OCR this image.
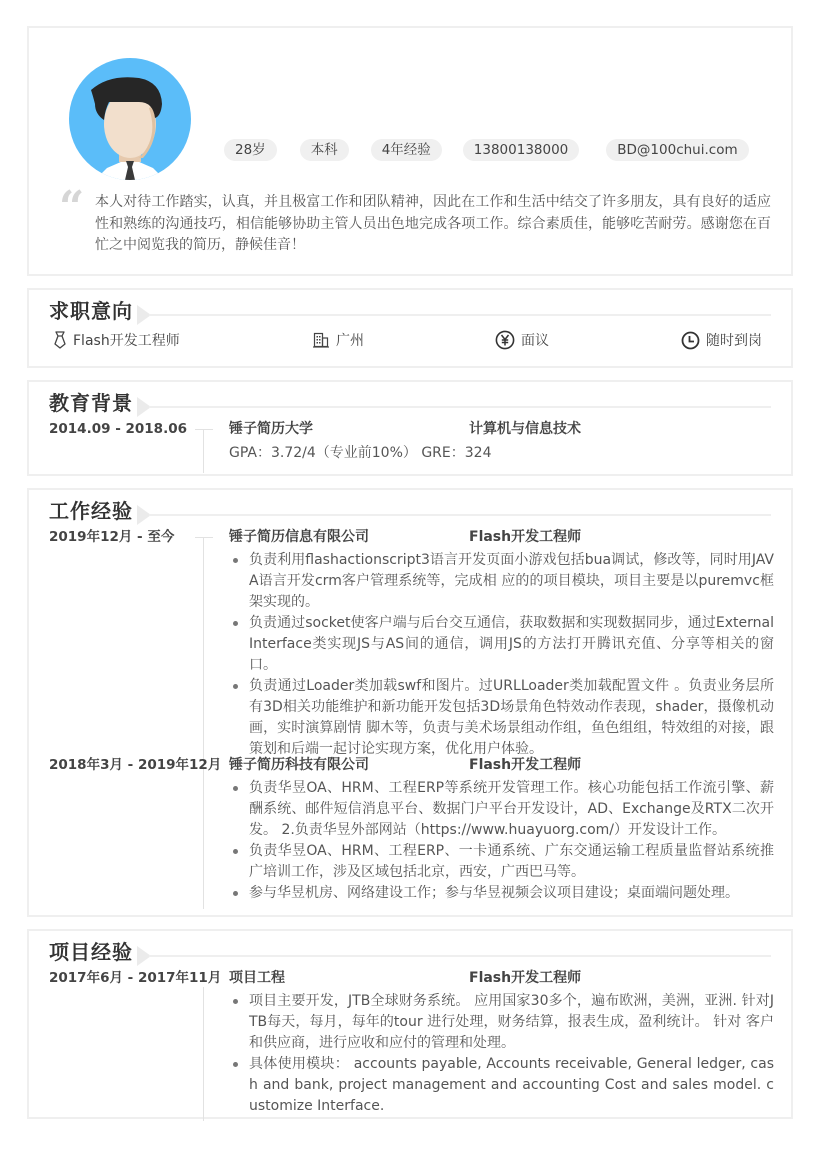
28岁	本科	4年经验	13800138000	BD@100chui.com
“ 本人对待工作踏实，认真，并且极富工作和团队精神，因此在工作和生活中结交了许多朋友，具有良好的适应性和熟练的沟通技巧，相信能够协助主管人员出色地完成各项工作。综合素质佳，能够吃苦耐劳。感谢您在百忙之中阅览我的简历，静候佳音！
求职意向
Flash开发工程师	广州	面议	随时到岗
教育背景
2014.09 - 2018.06	锤子简历大学	计算机与信息技术
GPA：3.72/4（专业前10%） GRE：324
工作经验
2019年12月 - 至今	锤子简历信息有限公司	Flash开发工程师
负责利用flashactionscript3语言开发页面小游戏包括bua调试，修改等，同时用JAVA语言开发crm客户管理系统等，完成相 应的的项目模块，项目主要是以puremvc框架实现的。
负责通过socket使客户端与后台交互通信，获取数据和实现数据同步，通过ExternalInterface类实现JS与AS间的通信，调用JS的方法打开腾讯充值、分享等相关的窗口。
负责通过Loader类加载swf和图片。过URLLoader类加载配置文件 。负责业务层所有3D相关功能维护和新功能开发包括3D场景角色特效动作表现，shader，摄像机动画，实时演算剧情 脚木等，负责与美术场景组动作组，鱼色组组，特效组的对接，跟策划和后端一起讨论实现方案，优化用户体验。
2018年3月 - 2019年12月 锤子简历科技有限公司	Flash开发工程师
负责华昱OA、HRM、工程ERP等系统开发管理工作。核心功能包括工作流引擎、薪酬系统、邮件短信消息平台、数据门户平台开发设计，AD、Exchange及RTX二次开发。 2.负责华昱外部网站（https://www.huayuorg.com/）开发设计工作。
负责华昱OA、HRM、工程ERP、一卡通系统、广东交通运输工程质量监督站系统推广培训工作，涉及区域包括北京，西安，广西巴马等。
参与华昱机房、网络建设工作；参与华昱视频会议项目建设；桌面端问题处理。
项目经验
2017年6月 - 2017年11月 项目工程	Flash开发工程师
项目主要开发，JTB全球财务系统。 应用国家30多个，遍布欧洲，美洲，亚洲. 针对JTB每天，每月，每年的tour 进行处理，财务结算，报表生成，盈利统计。 针对 客户和供应商，进行应收和应付的管理和处理。
具体使用模块： accounts payable, Accounts receivable, General ledger, cash and bank, project management and accounting Cost and sales model. customize Interface.
